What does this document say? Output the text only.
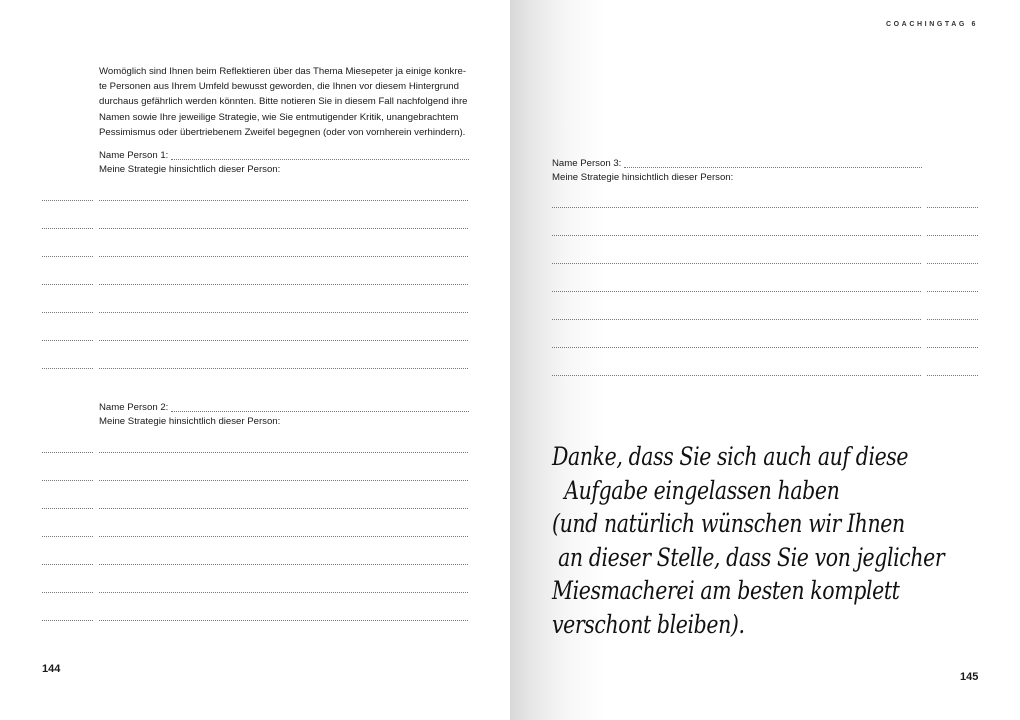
Womöglich sind Ihnen beim Reflektieren über das Thema Miesepeter ja einige konkre-
te Personen aus Ihrem Umfeld bewusst geworden, die Ihnen vor diesem Hintergrund
durchaus gefährlich werden könnten. Bitte notieren Sie in diesem Fall nachfolgend ihre
Namen sowie Ihre jeweilige Strategie, wie Sie entmutigender Kritik, unangebrachtem
Pessimismus oder übertriebenem Zweifel begegnen (oder von vornherein verhindern).
Name Person 1:
Meine Strategie hinsichtlich dieser Person:
Name Person 2:
Meine Strategie hinsichtlich dieser Person:
144
COACHINGTAG 6
Name Person 3:
Meine Strategie hinsichtlich dieser Person:
Danke, dass Sie sich auch auf diese
Aufgabe eingelassen haben
(und natürlich wünschen wir Ihnen
an dieser Stelle, dass Sie von jeglicher
Miesmacherei am besten komplett
verschont bleiben).
145
